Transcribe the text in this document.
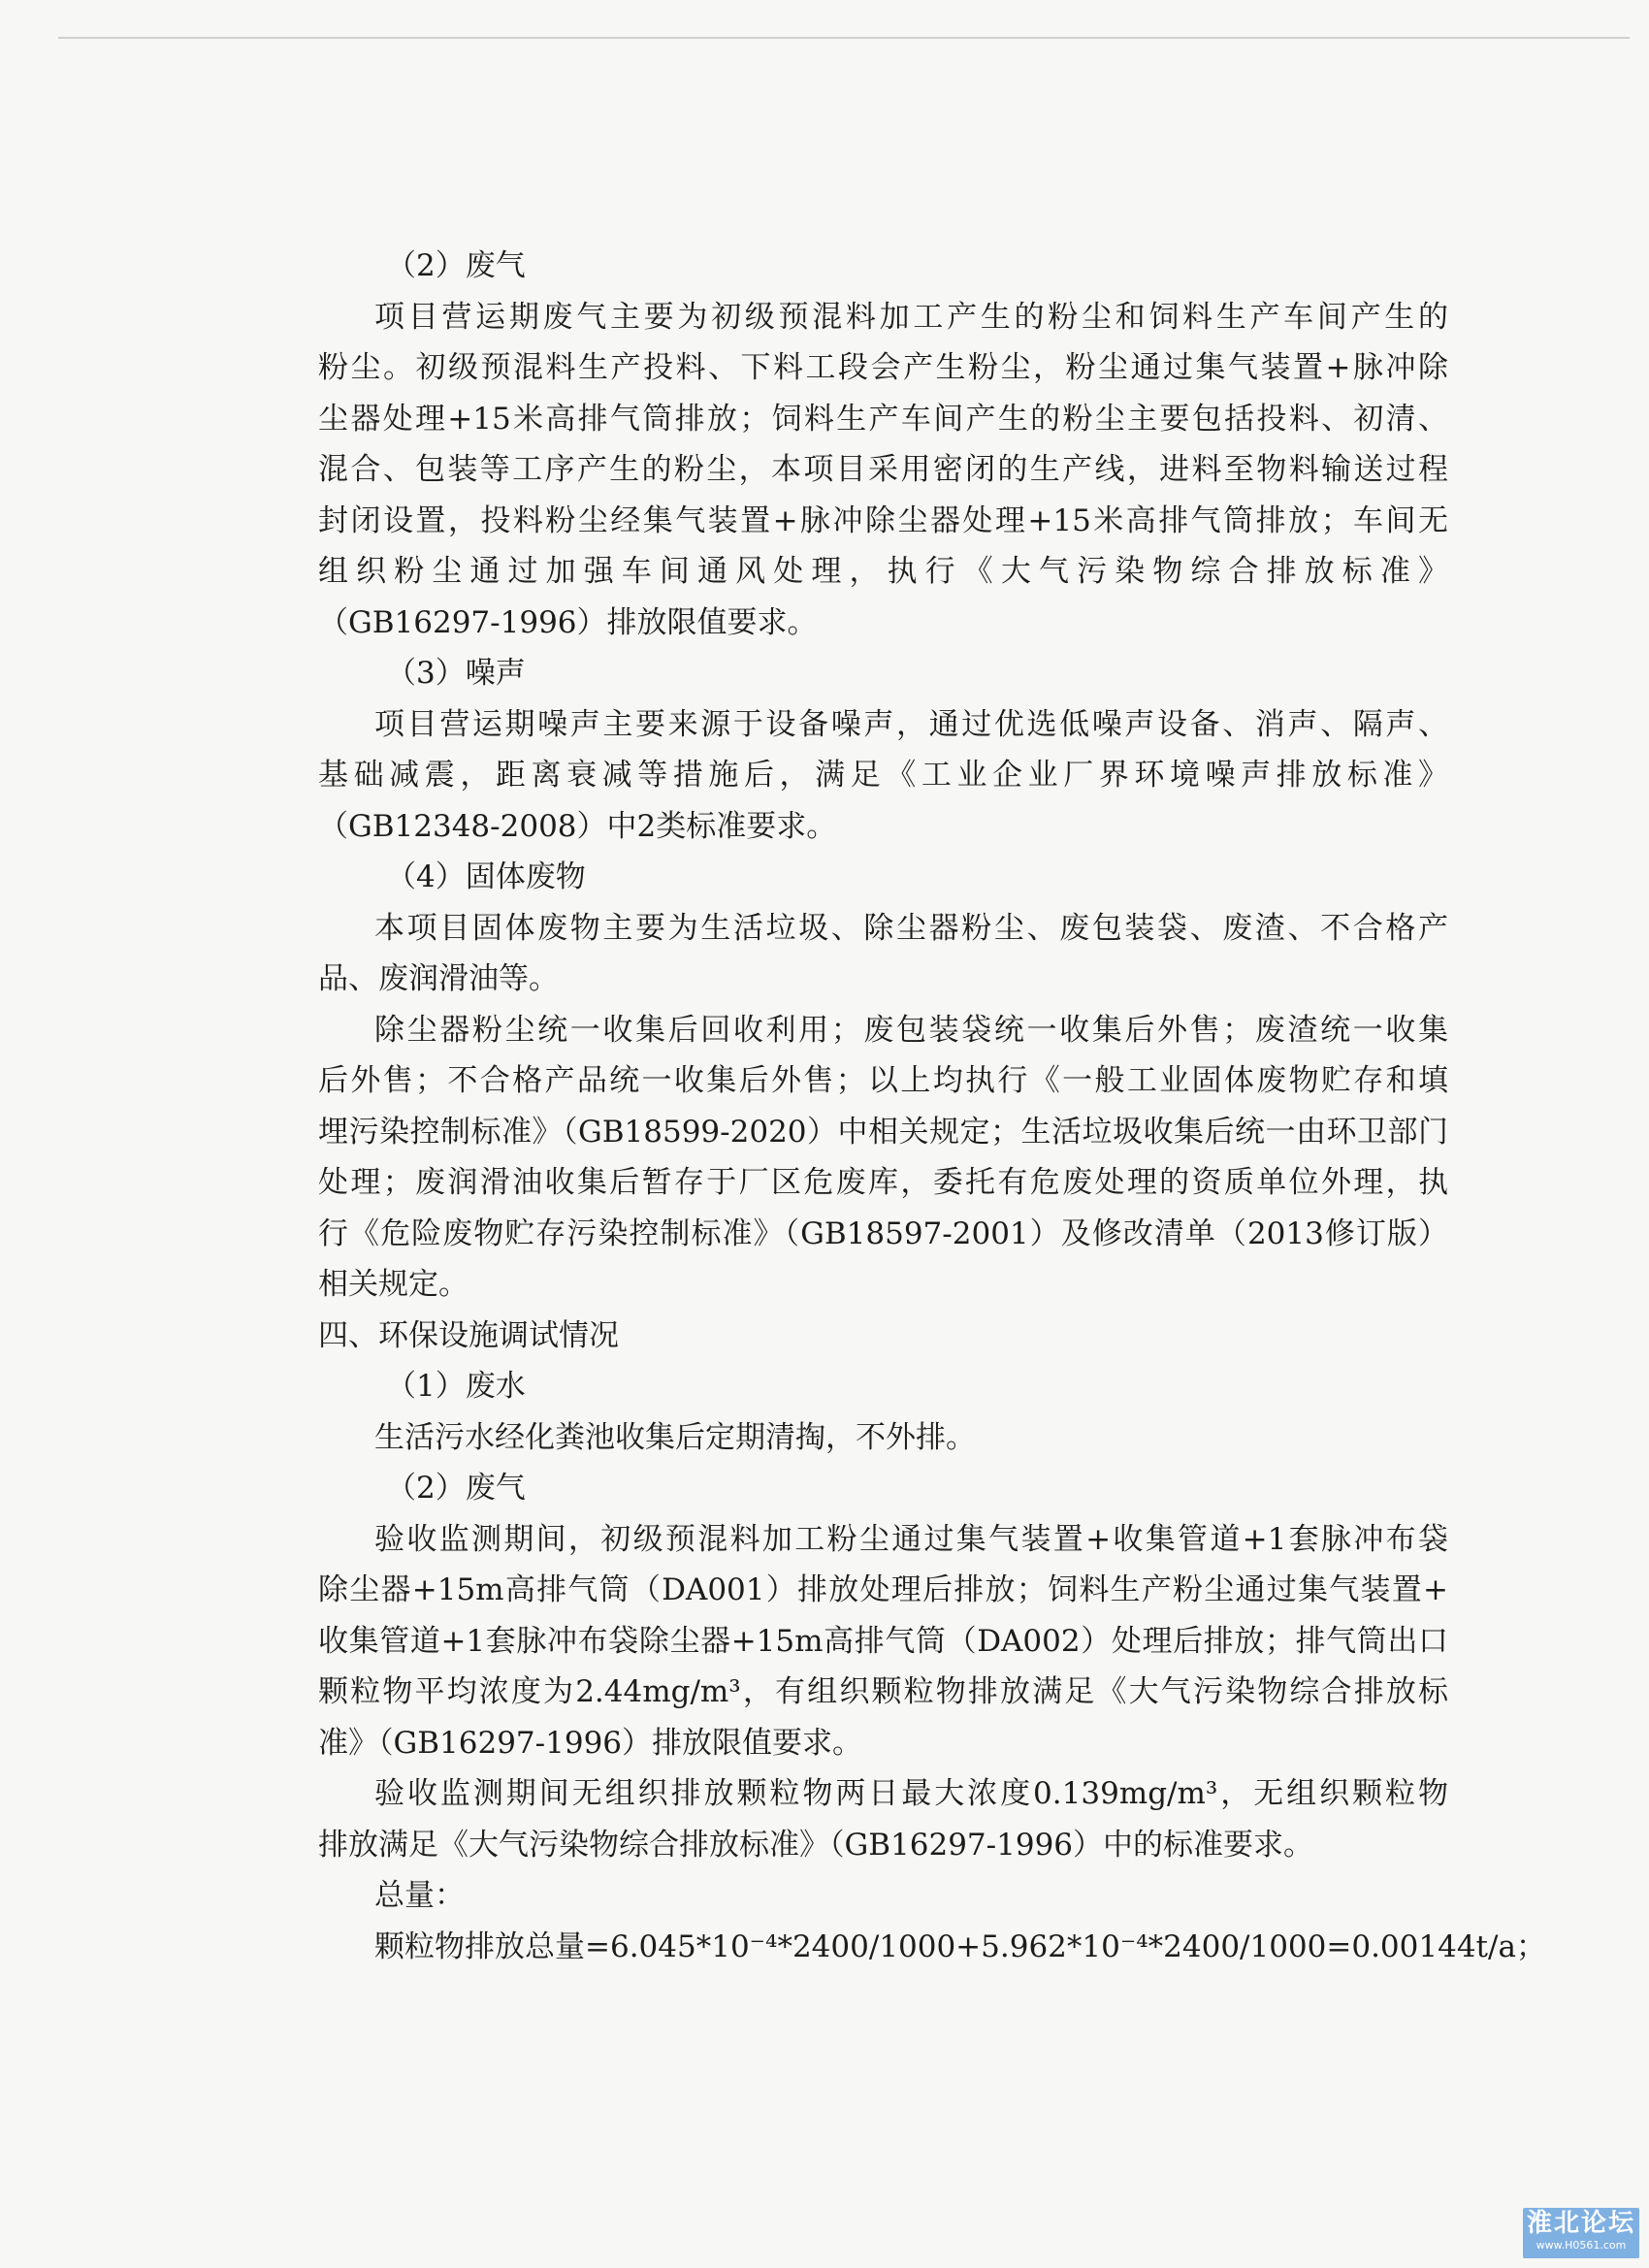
（2）废气
项目营运期废气主要为初级预混料加工产生的粉尘和饲料生产车间产生的
粉尘。初级预混料生产投料、下料工段会产生粉尘，粉尘通过集气装置+脉冲除
尘器处理+15米高排气筒排放；饲料生产车间产生的粉尘主要包括投料、初清、
混合、包装等工序产生的粉尘，本项目采用密闭的生产线，进料至物料输送过程
封闭设置，投料粉尘经集气装置+脉冲除尘器处理+15米高排气筒排放；车间无
组织粉尘通过加强车间通风处理，执行《大气污染物综合排放标准》
（GB16297-1996）排放限值要求。
（3）噪声
项目营运期噪声主要来源于设备噪声，通过优选低噪声设备、消声、隔声、
基础减震，距离衰减等措施后，满足《工业企业厂界环境噪声排放标准》
（GB12348-2008）中2类标准要求。
（4）固体废物
本项目固体废物主要为生活垃圾、除尘器粉尘、废包装袋、废渣、不合格产
品、废润滑油等。
除尘器粉尘统一收集后回收利用；废包装袋统一收集后外售；废渣统一收集
后外售；不合格产品统一收集后外售；以上均执行《一般工业固体废物贮存和填
埋污染控制标准》（GB18599-2020）中相关规定；生活垃圾收集后统一由环卫部门
处理；废润滑油收集后暂存于厂区危废库，委托有危废处理的资质单位外理，执
行《危险废物贮存污染控制标准》（GB18597-2001）及修改清单（2013修订版）
相关规定。
四、环保设施调试情况
（1）废水
生活污水经化粪池收集后定期清掏，不外排。
（2）废气
验收监测期间，初级预混料加工粉尘通过集气装置+收集管道+1套脉冲布袋
除尘器+15m高排气筒（DA001）排放处理后排放；饲料生产粉尘通过集气装置+
收集管道+1套脉冲布袋除尘器+15m高排气筒（DA002）处理后排放；排气筒出口
颗粒物平均浓度为2.44mg/m³，有组织颗粒物排放满足《大气污染物综合排放标
准》（GB16297-1996）排放限值要求。
验收监测期间无组织排放颗粒物两日最大浓度0.139mg/m³，无组织颗粒物
排放满足《大气污染物综合排放标准》（GB16297-1996）中的标准要求。
总量：
颗粒物排放总量=6.045*10⁻⁴*2400/1000+5.962*10⁻⁴*2400/1000=0.00144t/a；
淮北论坛
www.H0561.com
